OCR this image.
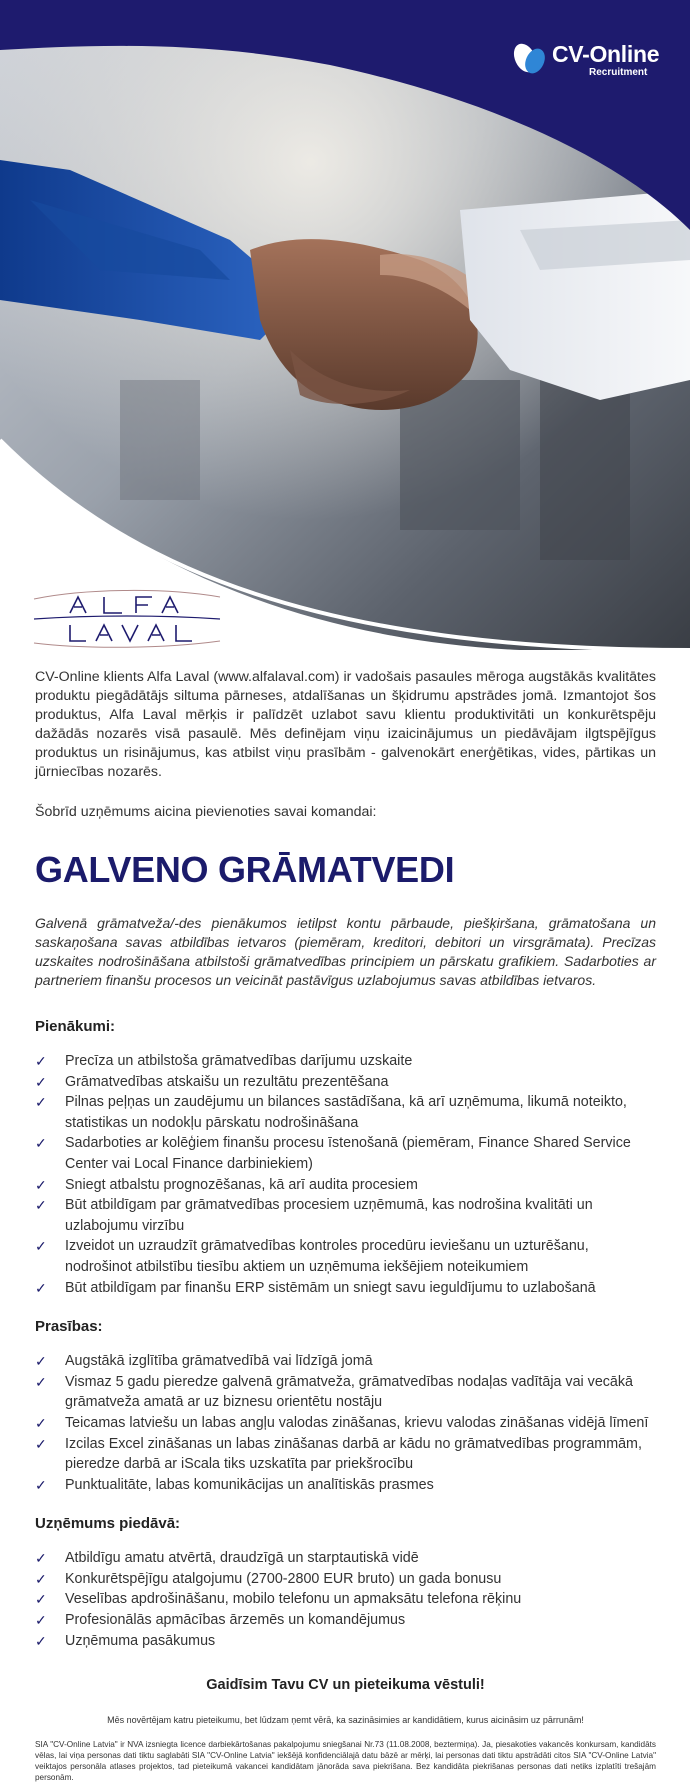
CV-Online
Recruitment

CV-Online klients Alfa Laval (www.alfalaval.com) ir vadošais pasaules mēroga augstākās kvalitātes produktu piegādātājs siltuma pārneses, atdalīšanas un šķidrumu apstrādes jomā. Izmantojot šos produktus, Alfa Laval mērķis ir palīdzēt uzlabot savu klientu produktivitāti un konkurētspēju dažādās nozarēs visā pasaulē. Mēs definējam viņu izaicinājumus un piedāvājam ilgtspējīgus produktus un risinājumus, kas atbilst viņu prasībām - galvenokārt enerģētikas, vides, pārtikas un jūrniecības nozarēs.

Šobrīd uzņēmums aicina pievienoties savai komandai:

GALVENO GRĀMATVEDI

Galvenā grāmatveža/-des pienākumos ietilpst kontu pārbaude, piešķiršana, grāmatošana un saskaņošana savas atbildības ietvaros (piemēram, kreditori, debitori un virsgrāmata). Precīzas uzskaites nodrošināšana atbilstoši grāmatvedības principiem un pārskatu grafikiem. Sadarboties ar partneriem finanšu procesos un veicināt pastāvīgus uzlabojumus savas atbildības ietvaros.

Pienākumi:
✓ Precīza un atbilstoša grāmatvedības darījumu uzskaite
✓ Grāmatvedības atskaišu un rezultātu prezentēšana
✓ Pilnas peļņas un zaudējumu un bilances sastādīšana, kā arī uzņēmuma, likumā noteikto, statistikas un nodokļu pārskatu nodrošināšana
✓ Sadarboties ar kolēģiem finanšu procesu īstenošanā (piemēram, Finance Shared Service Center vai Local Finance darbiniekiem)
✓ Sniegt atbalstu prognozēšanas, kā arī audita procesiem
✓ Būt atbildīgam par grāmatvedības procesiem uzņēmumā, kas nodrošina kvalitāti un uzlabojumu virzību
✓ Izveidot un uzraudzīt grāmatvedības kontroles procedūru ieviešanu un uzturēšanu, nodrošinot atbilstību tiesību aktiem un uzņēmuma iekšējiem noteikumiem
✓ Būt atbildīgam par finanšu ERP sistēmām un sniegt savu ieguldījumu to uzlabošanā
Prasības:
✓ Augstākā izglītība grāmatvedībā vai līdzīgā jomā
✓ Vismaz 5 gadu pieredze galvenā grāmatveža, grāmatvedības nodaļas vadītāja vai vecākā grāmatveža amatā ar uz biznesu orientētu nostāju
✓ Teicamas latviešu un labas angļu valodas zināšanas, krievu valodas zināšanas vidējā līmenī
✓ Izcilas Excel zināšanas un labas zināšanas darbā ar kādu no grāmatvedības programmām, pieredze darbā ar iScala tiks uzskatīta par priekšrocību
✓ Punktualitāte, labas komunikācijas un analītiskās prasmes
Uzņēmums piedāvā:
✓ Atbildīgu amatu atvērtā, draudzīgā un starptautiskā vidē
✓ Konkurētspējīgu atalgojumu (2700-2800 EUR bruto) un gada bonusu
✓ Veselības apdrošināšanu, mobilo telefonu un apmaksātu telefona rēķinu
✓ Profesionālās apmācības ārzemēs un komandējumus
✓ Uzņēmuma pasākumus

Gaidīsim Tavu CV un pieteikuma vēstuli!

Mēs novērtējam katru pieteikumu, bet lūdzam ņemt vērā, ka sazināsimies ar kandidātiem, kurus aicināsim uz pārrunām!

SIA "CV-Online Latvia" ir NVA izsniegta licence darbiekārtošanas pakalpojumu sniegšanai Nr.73 (11.08.2008, beztermiņa). Ja, piesakoties vakancēs konkursam, kandidāts vēlas, lai viņa personas dati tiktu saglabāti SIA "CV-Online Latvia" iekšējā konfidenciālajā datu bāzē ar mērķi, lai personas dati tiktu apstrādāti citos SIA "CV-Online Latvia" veiktajos personāla atlases projektos, tad pieteikumā vakancei kandidātam jānorāda sava piekrišana. Bez kandidāta piekrišanas personas dati netiks izplatīti trešajām personām.
